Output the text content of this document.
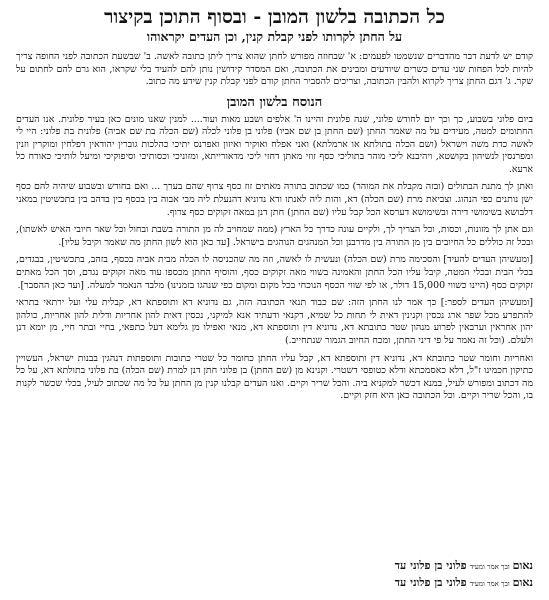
כל הכתובה בלשון המובן - ובסוף התוכן בקיצור
על החתן לקרותו לפני קבלת קנין, וכן העדים יקראוהו

קודם יש לדעת דבר מהדברים שנשמטו לפעמים: א' שבחוזה מפורש לחתן שהוא צריך ליתן כתובה לאשה. ב' שבשעת הכתובה לפני החופה צריך להיות לכל הפחות שני עדים כשרים שיודעים ומבינים את הכתובה, ואם המסדר קידושין נותן להם להעיד בלי שקראו, הוא גרם להם לחתום על שקר. ג' דגם החתן צריך לקרוא ולהבין הכתובה, וצריכים להסביר החתן קודם לפני קבלת קנין שידע מה כתוב.

הנוסח בלשון המובן

ביום פלוני בשבוע, כך וכך יום לחודש פלוני, שנה פלונית והיינו ה' אלפים ושבע מאות ועוד.... למנין שאנו מונים כאן בעיר פלונית. אנו העדים החתומים למטה, מעידים על מה שאמר החתן (שם החתן בן שם אביו) פלוני בן פלוני לכלה (שם הכלה בת שם אביה) פלונית בת פלוני: היי לי לאשה כדת משה וישראל (ושם הכלה בתולתא או ארמלתא) ואני אפלח ואוקיר ואיזון ואפרנס יתיכי כהלכות גוברין יהודאין דפלחין ומוקרין וזנין ומפרנסין לנשיהון בקושטא, ויהיבנא ליכי מוהר בתוליכי כסף זוזי מאתן דחזי ליכי מדאורייתא, ומזוניכי וכסותיכי וסיפוקיכי ומיעל לותיכי כאורח כל ארעא.

ואתן לך מתנת הבתולים (ובזה מקבלת את המוהר) כמו שכתוב בתורה מאתים זוז כסף צרוף שהם בערך ... ואם בחודש ובשבוע שיהיה להם כסף ישן נותנים כפי הנהוג. וצביאת מרת (שם הכלה) דא, והות ליה לאנתו ודא נדוניא דהנעלת ליה מבי אבוה בין בכסף בין בדהב בין בתכשיטין במאני דלבושא בשימושי דירה ובשימושא דערסא הכל קבל עליו (שם החתן) חתן דנן במאה זקוקים כסף צרוף.

וגם אתן לך מזונות, וכסות, וכל הצריך לך, ולקיים עונה כדרך כל הארץ (ממה שמחויב לה מן התורה בשבת ובחול וכל שאר חיובי האיש לאשתו), ובכל זה כוללים כל החיובים בין מן התורה בין מדרבנן וכל המנהגים הנוהגים בישראל. [עד כאן הוא לשון החתן מה שאמר וקיבל עליו].

[ומעשיהן העדים להעיד] והסכימה מרת (שם הכלה) ונעשית לו לאשה, וזה מה שהכניסה לו הכלה מבית אביה בכסף, בזהב, בתכשיטין, בבגדים, בכלי הבית ובכלי המטה, קיבל עליו הכל החתן והאמינה בשווי מאה זקוקים כסף, והוסיף החתן מכספו עוד מאה זקוקים נגדם, וסך הכל מאתים זקוקים כסף (היינו כשווי 15,000 דולר, או לפי שווי הכסף הנוכחי בכל מקום ומקום כפי שנהגו בזמנינו) מלבד הנאמר למעלה. [ועד כאן ההסבר].

[ומעשיהן העדים לספר:] כך אמר לנו החתן הזה: שם כבוד תנאי הכתובה הזה, גם נדוניא דא ותוספתא דא, קבלית עלי ועל ירתאי בתראי להתפרע מכל שפר ארג נכסין וקנינין דאית לי תחות כל שמיא, דקנאי ודעתיד אנא למיקני, נכסין דאית להון אחריות ודלית להון אחריות, כולהון יהון אחראין וערבאין לפרוע מנהון שטר כתובתא דא, נדוניא דין ותוספתא דא, מנאי ואפילו מן גלימא דעל כתפאי, בחיי ובתר חיי, מן יומא דנן ולעלם. (וכל זה נאמר על פי דיני החתן, ומכח החיוב הגמור שנתחייב.)

ואחריות וחומר שטר כתובתא דא, נדוניא דין ותוספתא דא, קבל עליו החתן כחומר כל שטרי כתובות ותוספתות דנהגין בבנות ישראל, העשויין כתיקון חכמינו ז"ל, דלא כאסמכתא ודלא כטופסי דשטרי. וקנינא מן (שם החתן) בן פלוני חתן דנן למרת (שם הכלה) בת פלוני בתולתא דא, על כל מה דכתוב ומפורש לעיל, במנא דכשר למקניא ביה. והכל שריר וקיים. ואנו העדים קבלנו קנין מן החתן על כל מה שכתוב לעיל, בכלי שכשר לקנות בו, והכל שריר וקיים. וכל הכתובה כאן היא חזק וקיים.

נאום ובך אמר ומעיד פלוני בן פלוני עד
נאום ובך אמר ומעיד פלוני בן פלוני עד
